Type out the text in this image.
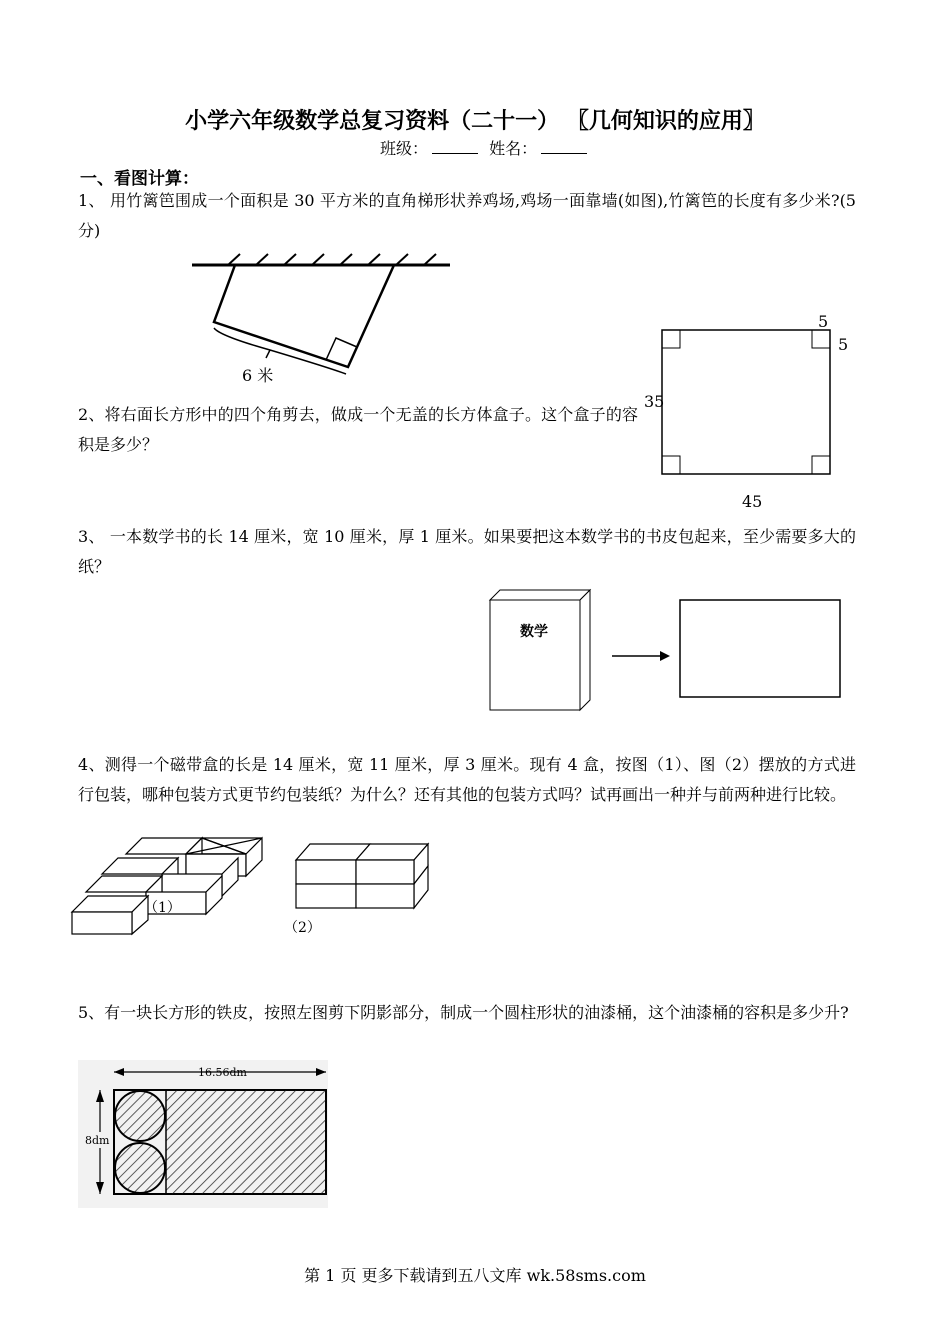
小学六年级数学总复习资料（二十一） 〖几何知识的应用〗
班级：	姓名：
一、看图计算：
1、 用竹篱笆围成一个面积是 30 平方米的直角梯形状养鸡场,鸡场一面靠墙(如图),竹篱笆的长度有多少米?(5 分)
6 米
2、将右面长方形中的四个角剪去，做成一个无盖的长方体盒子。这个盒子的容积是多少？
5
5
35
45
3、 一本数学书的长 14 厘米，宽 10 厘米，厚 1 厘米。如果要把这本数学书的书皮包起来，至少需要多大的纸？
数学
4、测得一个磁带盒的长是 14 厘米，宽 11 厘米，厚 3 厘米。现有 4 盒，按图（1）、图（2）摆放的方式进行包装，哪种包装方式更节约包装纸？为什么？还有其他的包装方式吗？试再画出一种并与前两种进行比较。
（1）
（2）
5、有一块长方形的铁皮，按照左图剪下阴影部分，制成一个圆柱形状的油漆桶，这个油漆桶的容积是多少升?
16.56dm
8dm
第 1 页 更多下载请到五八文库 wk.58sms.com
